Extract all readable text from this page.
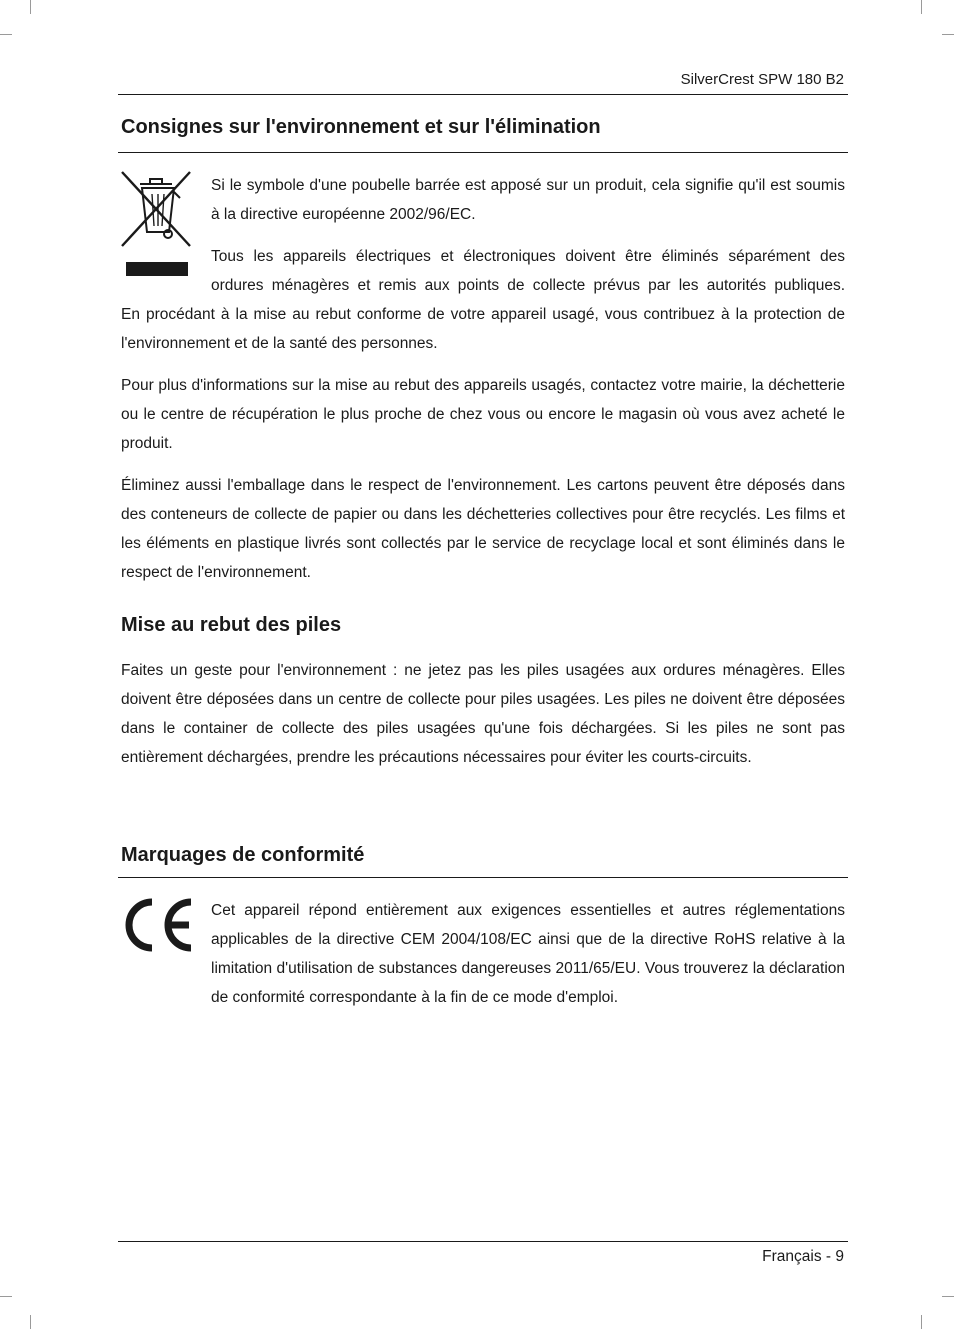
SilverCrest SPW 180 B2
Consignes sur l'environnement et sur l'élimination

Si le symbole d'une poubelle barrée est apposé sur un produit, cela signifie qu'il est soumis à la directive européenne 2002/96/EC.

Tous les appareils électriques et électroniques doivent être éliminés séparément des

ordures ménagères et remis aux points de collecte prévus par les autorités publiques.

En procédant à la mise au rebut conforme de votre appareil usagé, vous contribuez à la protection de l'environnement et de la santé des personnes.

Pour plus d'informations sur la mise au rebut des appareils usagés, contactez votre mairie, la déchetterie ou le centre de récupération le plus proche de chez vous ou encore le magasin où vous avez acheté le produit.

Éliminez aussi l'emballage dans le respect de l'environnement. Les cartons peuvent être déposés dans des conteneurs de collecte de papier ou dans les déchetteries collectives pour être recyclés. Les films et les éléments en plastique livrés sont collectés par le service de recyclage local et sont éliminés dans le respect de l'environnement.

Mise au rebut des piles

Faites un geste pour l'environnement : ne jetez pas les piles usagées aux ordures ménagères. Elles doivent être déposées dans un centre de collecte pour piles usagées. Les piles ne doivent être déposées dans le container de collecte des piles usagées qu'une fois déchargées. Si les piles ne sont pas entièrement déchargées, prendre les précautions nécessaires pour éviter les courts-circuits.

Marquages de conformité

Cet appareil répond entièrement aux exigences essentielles et autres réglementations applicables de la directive CEM 2004/108/EC ainsi que de la directive RoHS relative à la limitation d'utilisation de substances dangereuses 2011/65/EU. Vous trouverez la déclaration de conformité correspondante à la fin de ce mode d'emploi.

Français - 9
